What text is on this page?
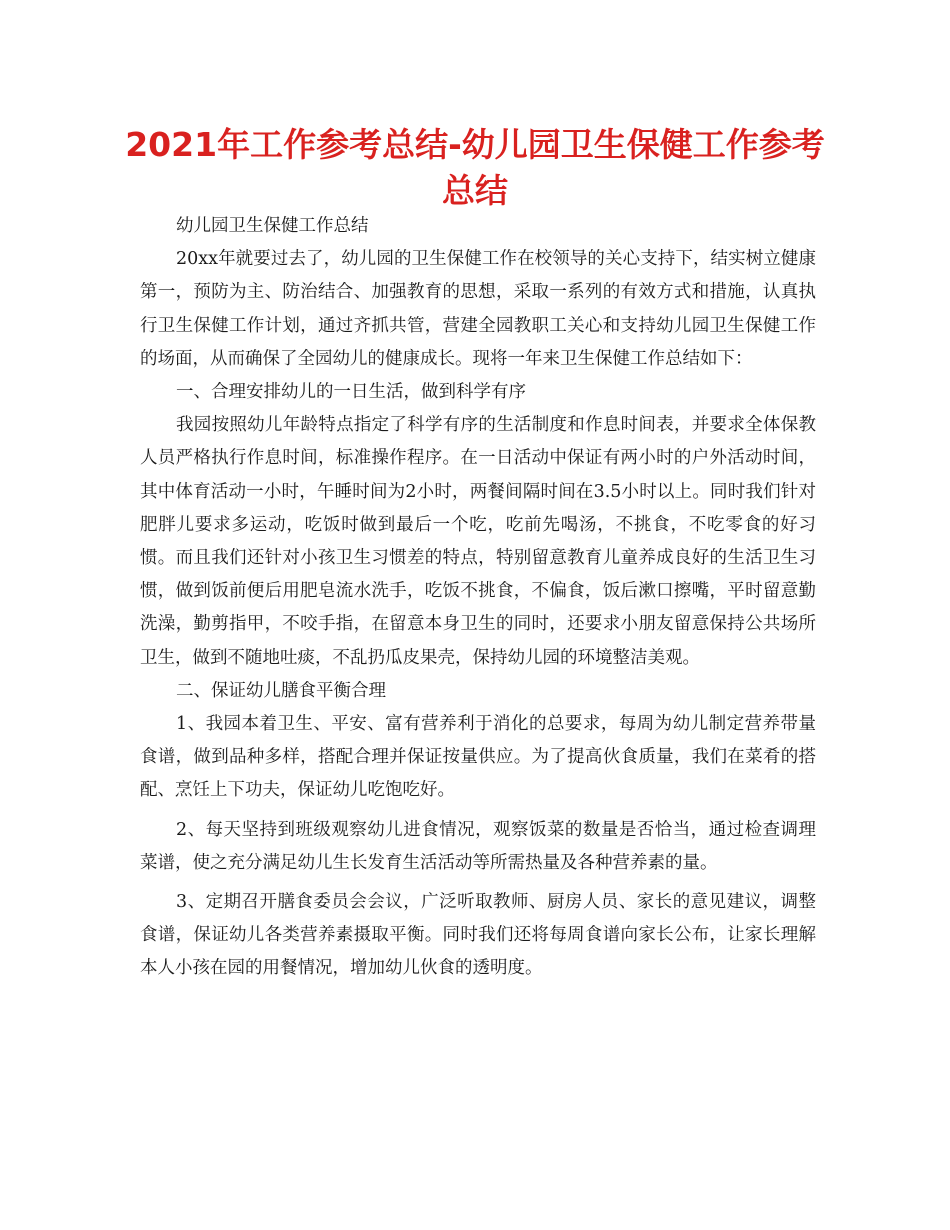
2021年工作参考总结-幼儿园卫生保健工作参考总结

幼儿园卫生保健工作总结

20xx年就要过去了，幼儿园的卫生保健工作在校领导的关心支持下，结实树立健康第一，预防为主、防治结合、加强教育的思想，采取一系列的有效方式和措施，认真执行卫生保健工作计划，通过齐抓共管，营建全园教职工关心和支持幼儿园卫生保健工作的场面，从而确保了全园幼儿的健康成长。现将一年来卫生保健工作总结如下：

一、合理安排幼儿的一日生活，做到科学有序

我园按照幼儿年龄特点指定了科学有序的生活制度和作息时间表，并要求全体保教人员严格执行作息时间，标准操作程序。在一日活动中保证有两小时的户外活动时间，其中体育活动一小时，午睡时间为2小时，两餐间隔时间在3.5小时以上。同时我们针对肥胖儿要求多运动，吃饭时做到最后一个吃，吃前先喝汤，不挑食，不吃零食的好习惯。而且我们还针对小孩卫生习惯差的特点，特别留意教育儿童养成良好的生活卫生习惯，做到饭前便后用肥皂流水洗手，吃饭不挑食，不偏食，饭后漱口擦嘴，平时留意勤洗澡，勤剪指甲，不咬手指，在留意本身卫生的同时，还要求小朋友留意保持公共场所卫生，做到不随地吐痰，不乱扔瓜皮果壳，保持幼儿园的环境整洁美观。

二、保证幼儿膳食平衡合理

1、我园本着卫生、平安、富有营养利于消化的总要求，每周为幼儿制定营养带量食谱，做到品种多样，搭配合理并保证按量供应。为了提高伙食质量，我们在菜肴的搭配、烹饪上下功夫，保证幼儿吃饱吃好。

2、每天坚持到班级观察幼儿进食情况，观察饭菜的数量是否恰当，通过检查调理菜谱，使之充分满足幼儿生长发育生活活动等所需热量及各种营养素的量。

3、定期召开膳食委员会会议，广泛听取教师、厨房人员、家长的意见建议，调整食谱，保证幼儿各类营养素摄取平衡。同时我们还将每周食谱向家长公布，让家长理解本人小孩在园的用餐情况，增加幼儿伙食的透明度。
